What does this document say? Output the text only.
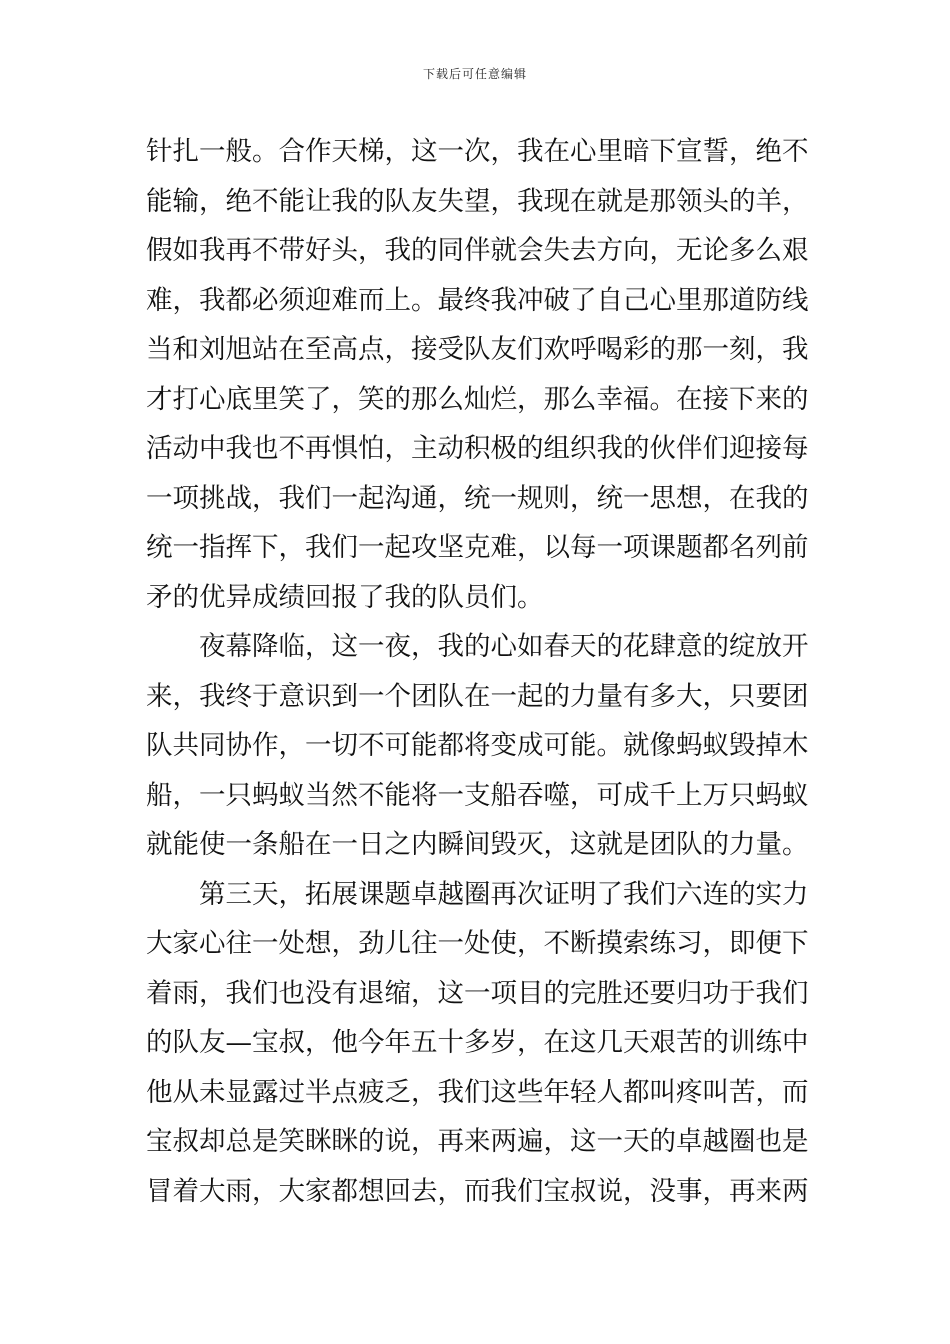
下载后可任意编辑
针扎一般。合作天梯，这一次，我在心里暗下宣誓，绝不
能输，绝不能让我的队友失望，我现在就是那领头的羊，
假如我再不带好头，我的同伴就会失去方向，无论多么艰
难，我都必须迎难而上。最终我冲破了自己心里那道防线
当和刘旭站在至高点，接受队友们欢呼喝彩的那一刻，我
才打心底里笑了，笑的那么灿烂，那么幸福。在接下来的
活动中我也不再惧怕，主动积极的组织我的伙伴们迎接每
一项挑战，我们一起沟通，统一规则，统一思想，在我的
统一指挥下，我们一起攻坚克难，以每一项课题都名列前
矛的优异成绩回报了我的队员们。
夜幕降临，这一夜，我的心如春天的花肆意的绽放开
来，我终于意识到一个团队在一起的力量有多大，只要团
队共同协作，一切不可能都将变成可能。就像蚂蚁毁掉木
船，一只蚂蚁当然不能将一支船吞噬，可成千上万只蚂蚁
就能使一条船在一日之内瞬间毁灭，这就是团队的力量。
第三天，拓展课题卓越圈再次证明了我们六连的实力
大家心往一处想，劲儿往一处使，不断摸索练习，即便下
着雨，我们也没有退缩，这一项目的完胜还要归功于我们
的队友—宝叔，他今年五十多岁，在这几天艰苦的训练中
他从未显露过半点疲乏，我们这些年轻人都叫疼叫苦，而
宝叔却总是笑眯眯的说，再来两遍，这一天的卓越圈也是
冒着大雨，大家都想回去，而我们宝叔说，没事，再来两
